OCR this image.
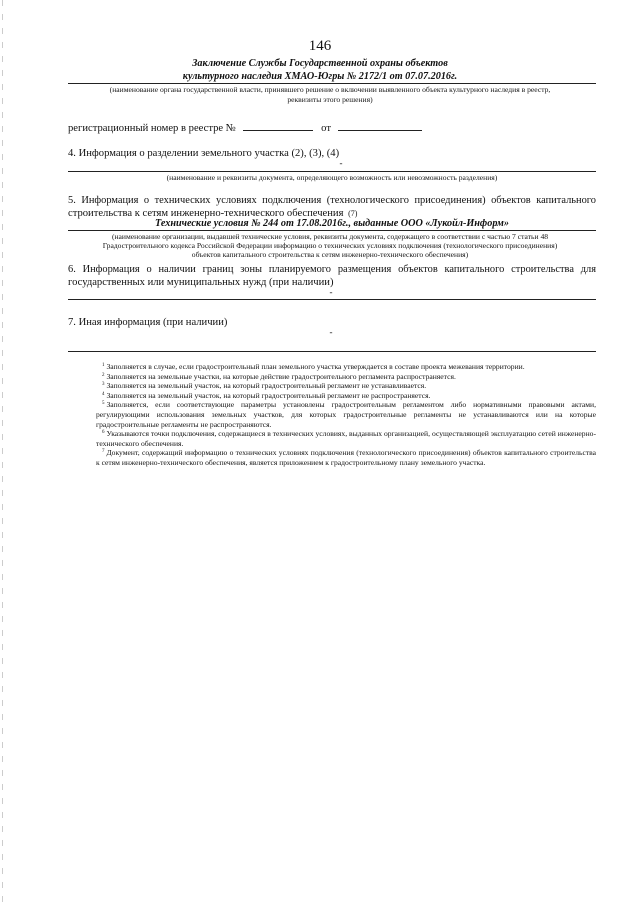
146
Заключение Службы Государственной охраны объектов
культурного наследия ХМАО-Югры № 2172/1 от 07.07.2016г.
(наименование органа государственной власти, принявшего решение о включении выявленного объекта культурного наследия в реестр,
реквизиты этого решения)
регистрационный номер в реестре №	от
4. Информация о разделении земельного участка (2), (3), (4)
-
(наименование и реквизиты документа, определяющего возможность или невозможность разделения)
5. Информация о технических условиях подключения (технологического присоединения) объектов капитального
строительства к сетям инженерно-технического обеспечения (7)
Технические условия № 244 от 17.08.2016г., выданные ООО «Лукойл-Информ»
(наименование организации, выдавшей технические условия, реквизиты документа, содержащего в соответствии с частью 7 статьи 48
Градостроительного кодекса Российской Федерации информацию о технических условиях подключения (технологического присоединения)
объектов капитального строительства к сетям инженерно-технического обеспечения)
6. Информация о наличии границ зоны планируемого размещения объектов капитального строительства для
государственных или муниципальных нужд (при наличии)
-
7. Иная информация (при наличии)
-
$^1$ Заполняется в случае, если градостроительный план земельного участка утверждается в составе проекта межевания территории.
$^2$ Заполняется на земельные участки, на которые действие градостроительного регламента распространяется.
$^3$ Заполняется на земельный участок, на который градостроительный регламент не устанавливается.
$^4$ Заполняется на земельный участок, на который градостроительный регламент не распространяется.
$^5$ Заполняется, если соответствующие параметры установлены градостроительным регламентом либо нормативными правовыми актами, регулирующими использования земельных участков, для которых градостроительные регламенты не устанавливаются или на которые градостроительные регламенты не распространяются.
$^6$ Указываются точки подключения, содержащиеся в технических условиях, выданных организацией, осуществляющей эксплуатацию сетей инженерно-технического обеспечения.
$^7$ Документ, содержащий информацию о технических условиях подключения (технологического присоединения) объектов капитального строительства к сетям инженерно-технического обеспечения, является приложением к градостроительному плану земельного участка.
